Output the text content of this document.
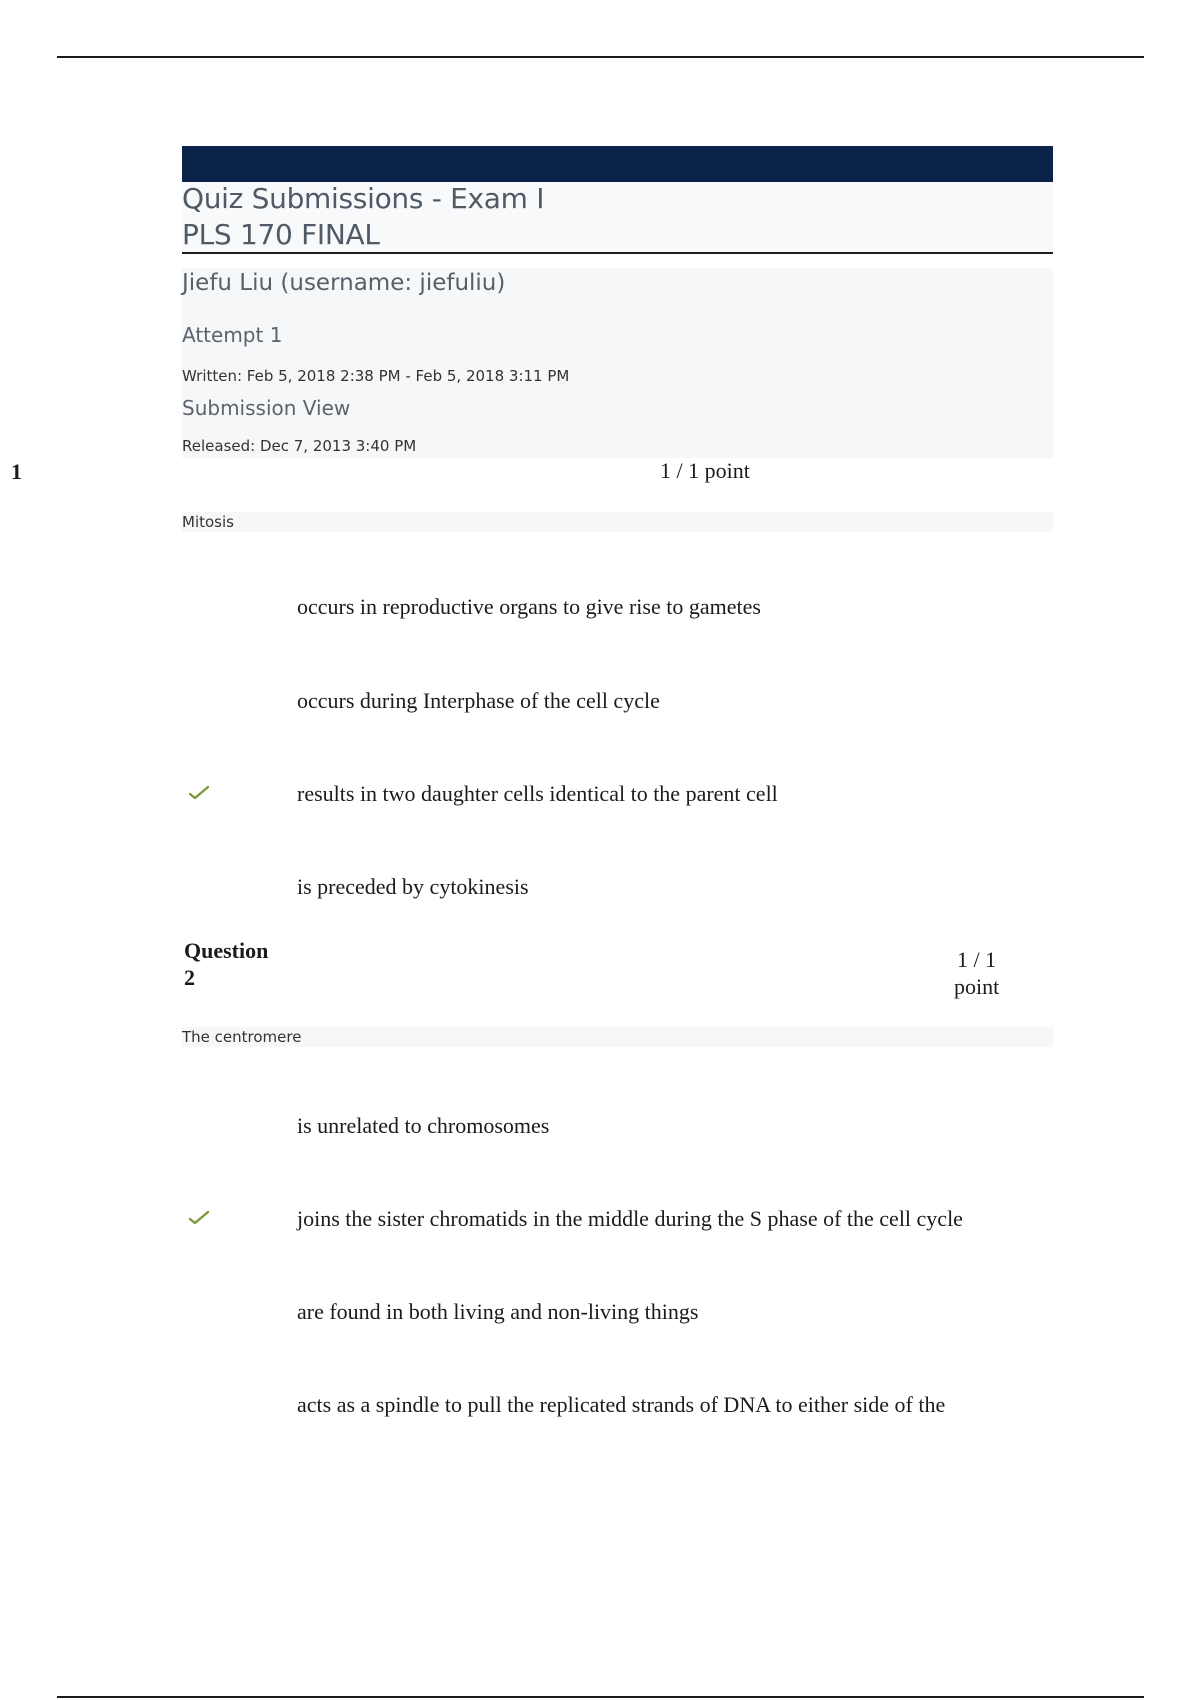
Quiz Submissions - Exam I
PLS 170 FINAL
Jiefu Liu (username: jiefuliu)
Attempt 1
Written: Feb 5, 2018 2:38 PM - Feb 5, 2018 3:11 PM
Submission View
Released: Dec 7, 2013 3:40 PM
1	1 / 1 point
Mitosis
occurs in reproductive organs to give rise to gametes
occurs during Interphase of the cell cycle
results in two daughter cells identical to the parent cell
is preceded by cytokinesis
Question
2
1 / 1
point
The centromere
is unrelated to chromosomes
joins the sister chromatids in the middle during the S phase of the cell cycle
are found in both living and non-living things
acts as a spindle to pull the replicated strands of DNA to either side of the
